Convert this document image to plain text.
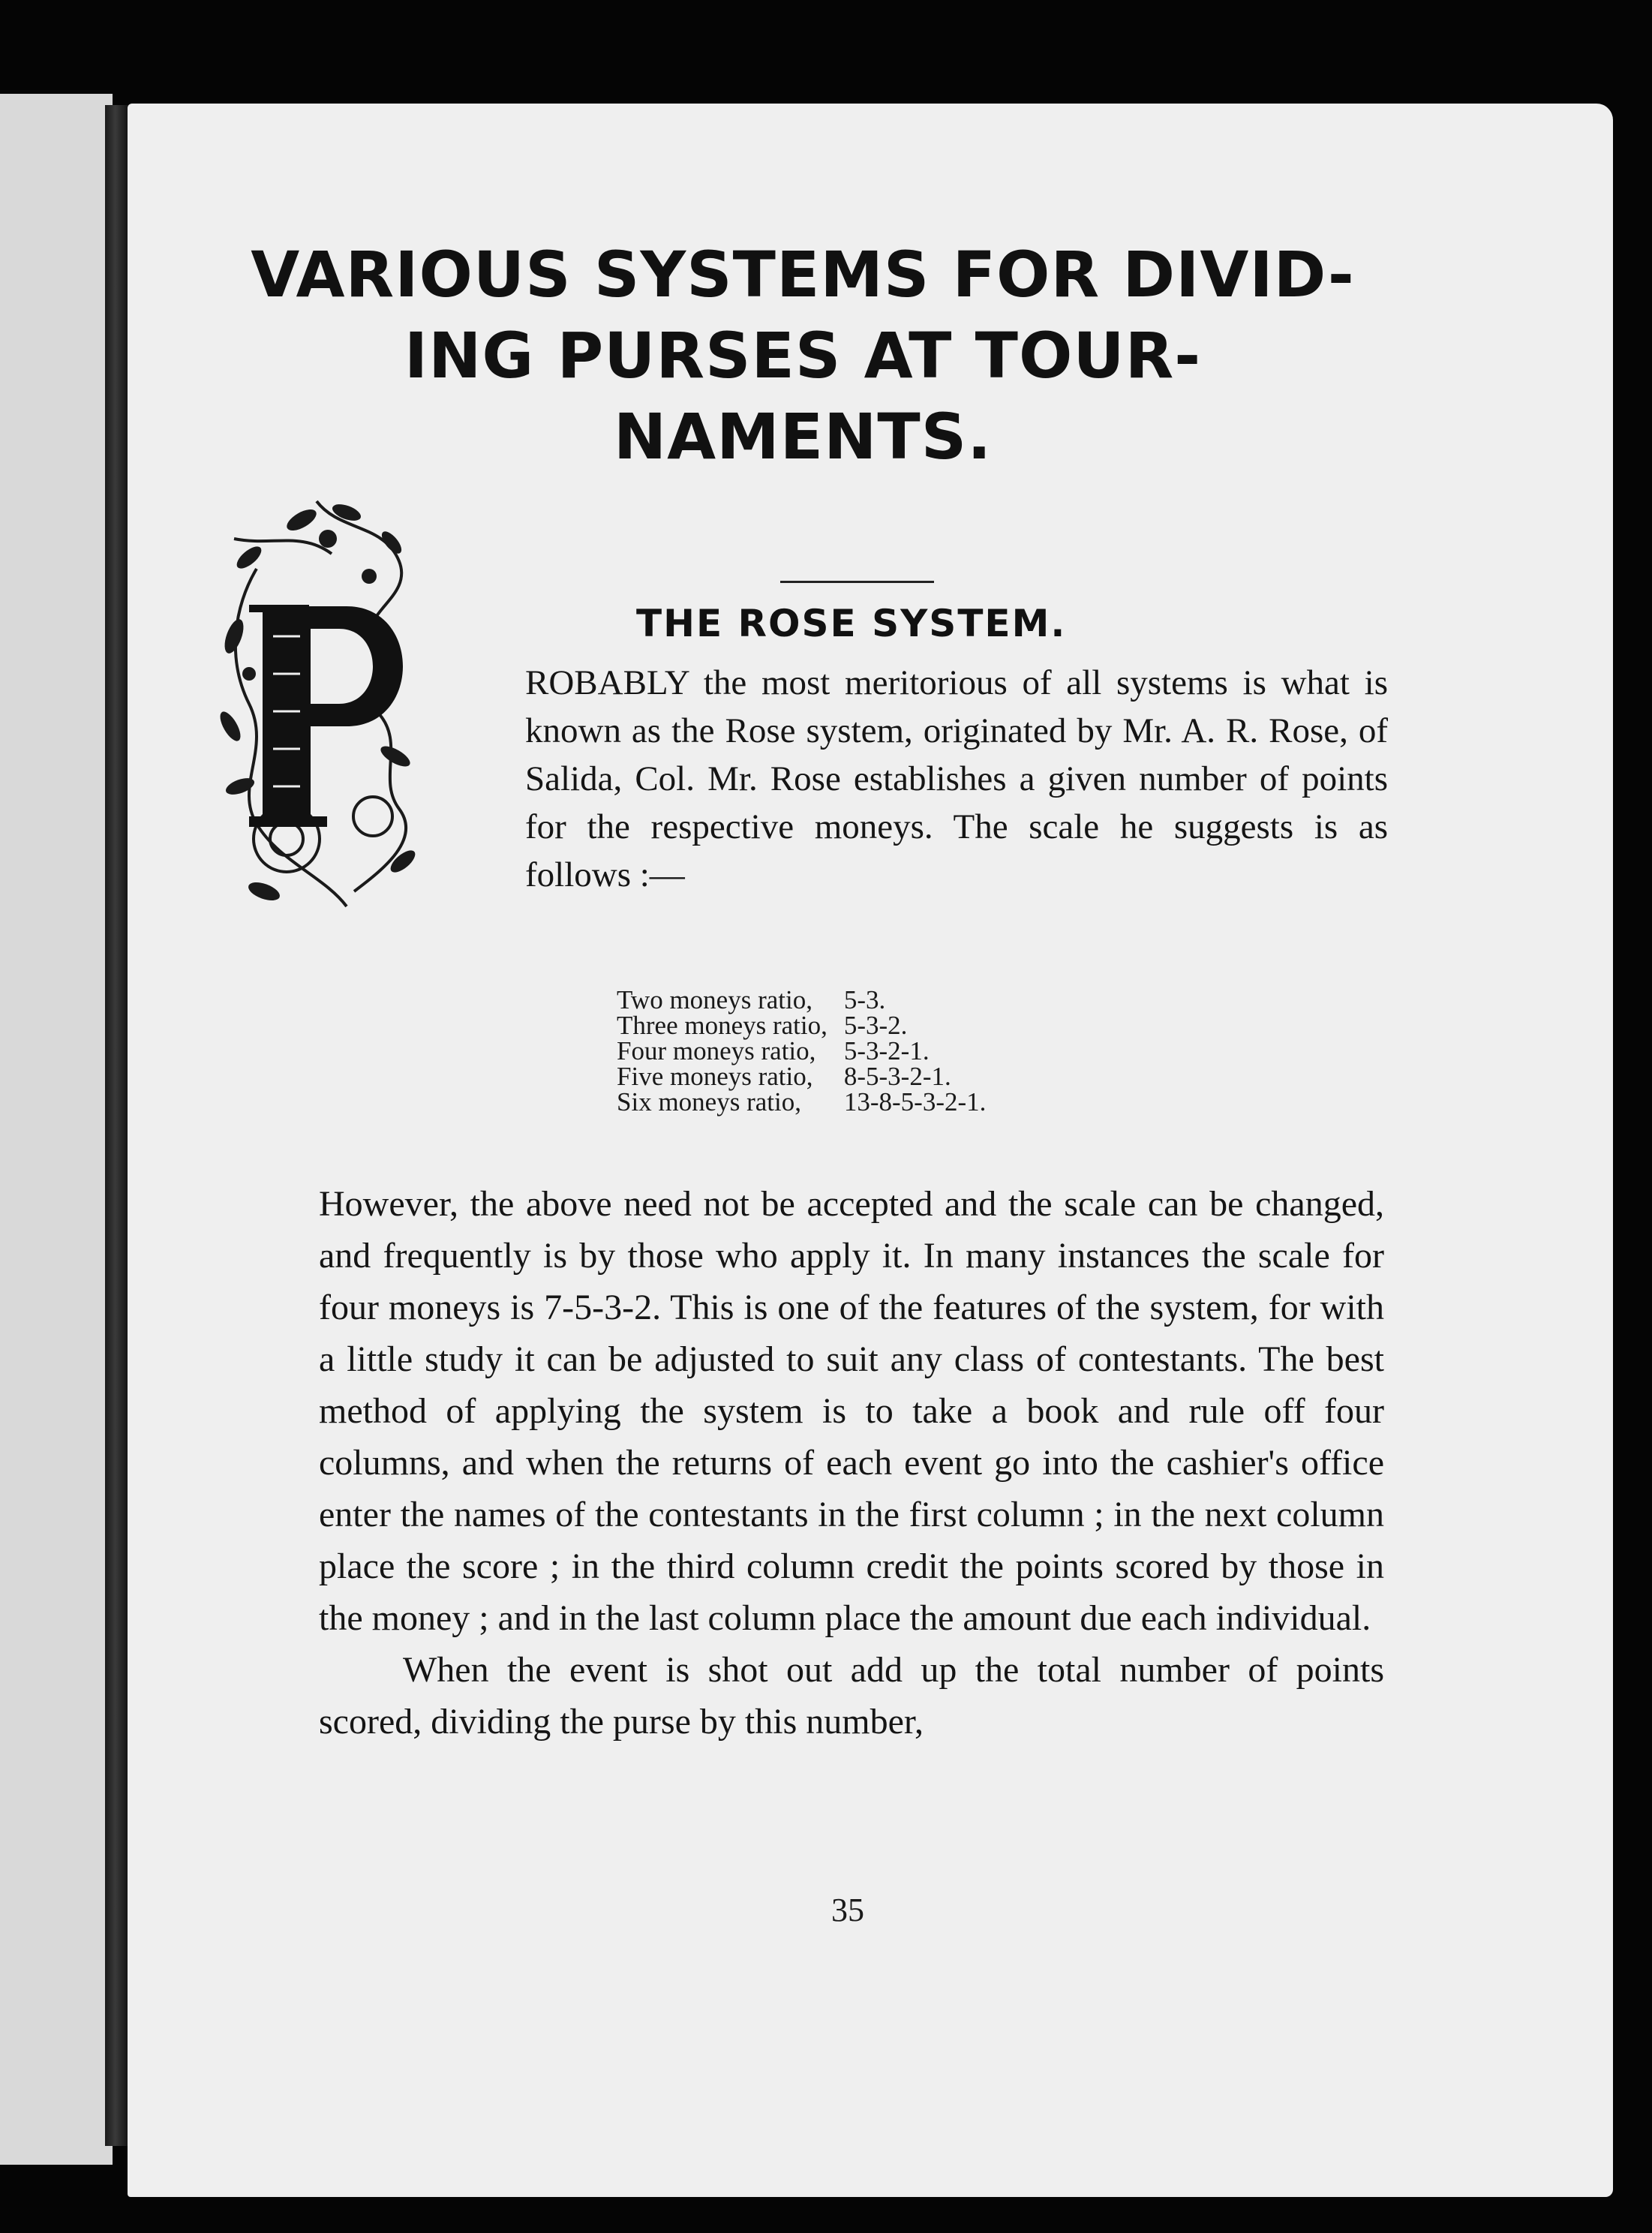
VARIOUS SYSTEMS FOR DIVID-
ING PURSES AT TOUR-
NAMENTS.
THE ROSE SYSTEM.
ROBABLY the most meritorious of all systems is what is known as the Rose system, originated by Mr. A. R. Rose, of Salida, Col. Mr. Rose establishes a given number of points for the respective moneys. The scale he suggests is as follows :—
Two moneys ratio,	5-3.
Three moneys ratio,	5-3-2.
Four moneys ratio,	5-3-2-1.
Five moneys ratio,	8-5-3-2-1.
Six moneys ratio,	13-8-5-3-2-1.

However, the above need not be accepted and the scale can be changed, and frequently is by those who apply it. In many instances the scale for four moneys is 7-5-3-2. This is one of the features of the system, for with a little study it can be adjusted to suit any class of contestants. The best method of applying the system is to take a book and rule off four columns, and when the returns of each event go into the cashier's office enter the names of the contestants in the first column ; in the next column place the score ; in the third column credit the points scored by those in the money ; and in the last column place the amount due each individual.

When the event is shot out add up the total number of points scored, dividing the purse by this number,

35
